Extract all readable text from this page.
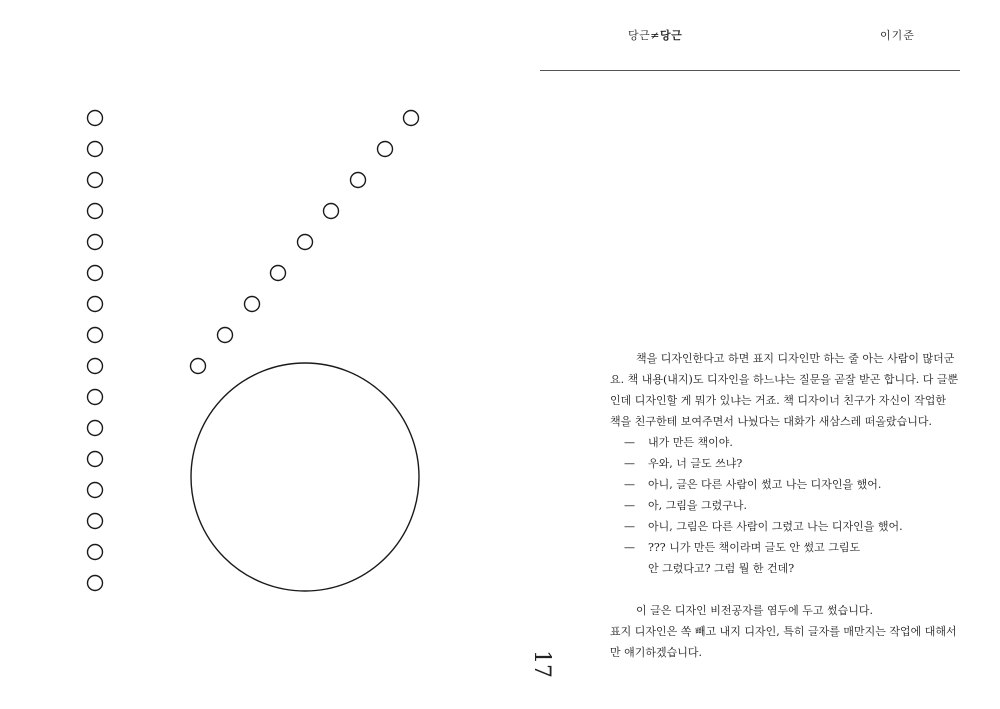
당근≠당근	이기준

책을 디자인한다고 하면 표지 디자인만 하는 줄 아는 사람이 많더군요. 책 내용(내지)도 디자인을 하느냐는 질문을 곧잘 받곤 합니다. 다 글뿐인데 디자인할 게 뭐가 있냐는 거죠. 책 디자이너 친구가 자신이 작업한 책을 친구한테 보여주면서 나눴다는 대화가 새삼스레 떠올랐습니다.

— 내가 만든 책이야.
— 우와, 너 글도 쓰냐?
— 아니, 글은 다른 사람이 썼고 나는 디자인을 했어.
— 아, 그림을 그렸구나.
— 아니, 그림은 다른 사람이 그렸고 나는 디자인을 했어.
— ??? 니가 만든 책이라며 글도 안 썼고 그림도
안 그렸다고? 그럼 뭘 한 건데?

이 글은 디자인 비전공자를 염두에 두고 썼습니다.
표지 디자인은 쏙 빼고 내지 디자인, 특히 글자를 매만지는 작업에 대해서만 얘기하겠습니다.

17
